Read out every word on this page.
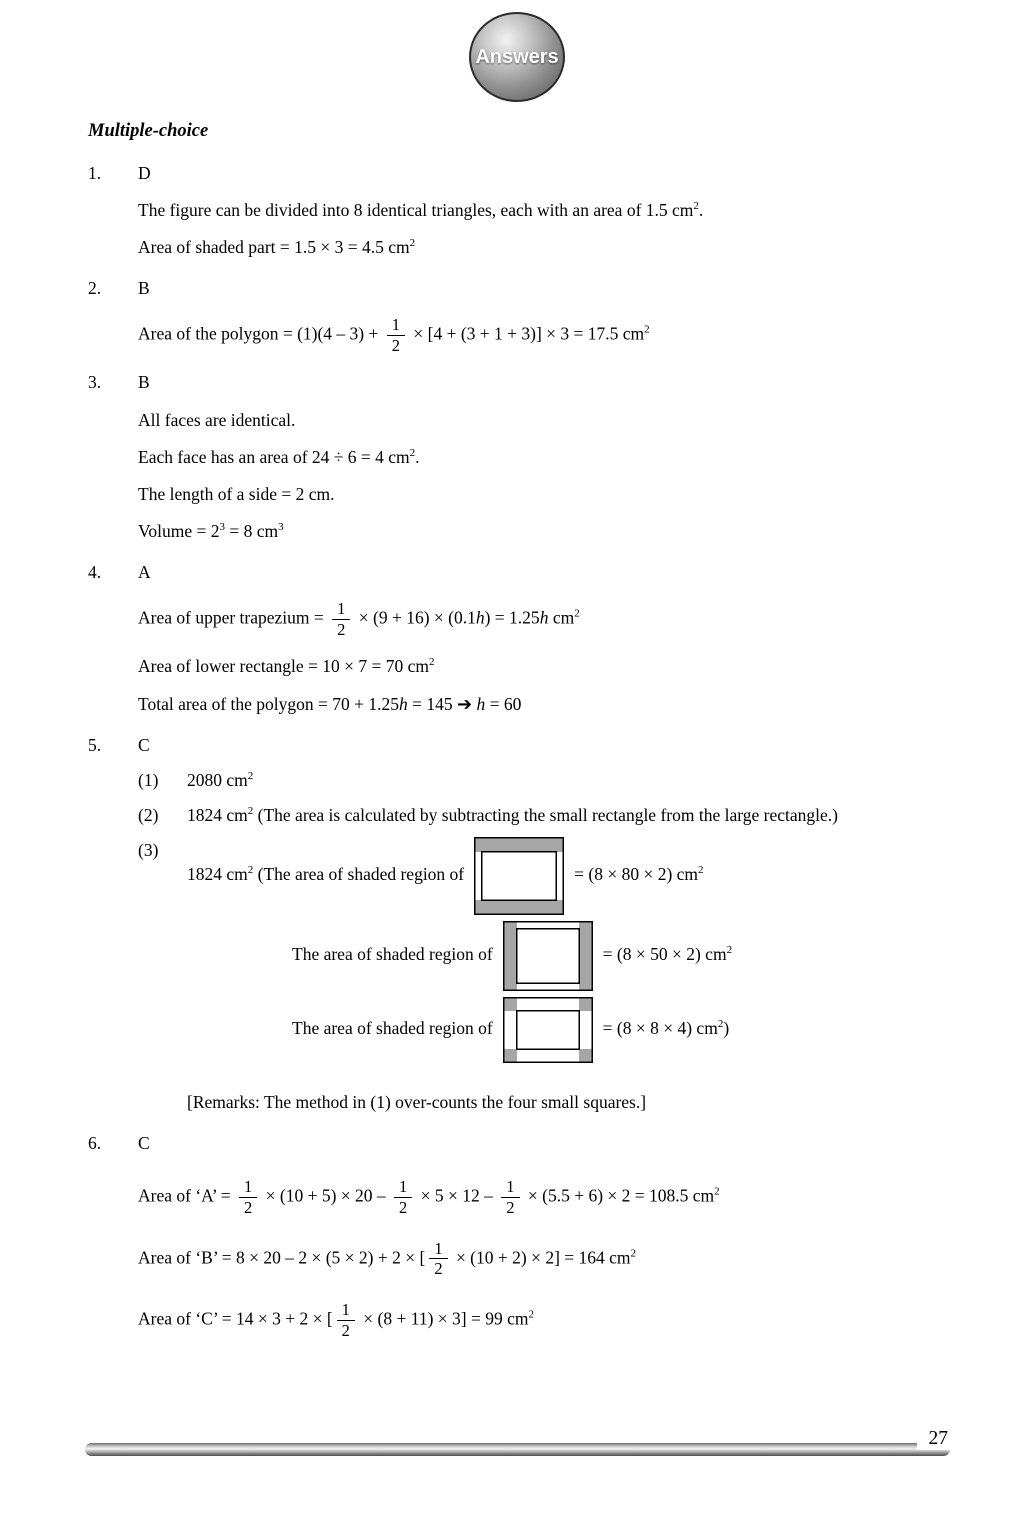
Answers
Multiple-choice
1.	D
The figure can be divided into 8 identical triangles, each with an area of 1.5 $cm^2$.
Area of shaded part = 1.5 × 3 = 4.5 $cm^2$
2.	B
Area of the polygon = $(1)(4 - 3) + \frac{1}{2} \times [4 + (3 + 1 + 3)] \times 3 = 17.5$ $cm^2$
3.	B
All faces are identical.
Each face has an area of 24 ÷ 6 = 4 $cm^2$.
The length of a side = 2 cm.
Volume = $2^3 = 8$ $cm^3$
4.	A
Area of upper trapezium = $\frac{1}{2} \times (9 + 16) \times (0.1h) = 1.25h$ $cm^2$
Area of lower rectangle = 10 × 7 = 70 $cm^2$
Total area of the polygon = 70 + 1.25h = 145 ➔ h = 60
5.	C
(1)	2080 $cm^2$
(2)	1824 $cm^2$ (The area is calculated by subtracting the small rectangle from the large rectangle.)
(3)
1824 $cm^2$ (The area of shaded region of	= (8 × 80 × 2) $cm^2$
The area of shaded region of	= (8 × 50 × 2) $cm^2$
The area of shaded region of	= (8 × 8 × 4) $cm^2$)
[Remarks: The method in (1) over-counts the four small squares.]
6.	C
Area of ‘A’ = $\frac{1}{2} \times (10 + 5) \times 20 - \frac{1}{2} \times 5 \times 12 - \frac{1}{2} \times (5.5 + 6) \times 2 = 108.5$ $cm^2$
Area of ‘B’ = 8 × 20 – 2 × (5 × 2) + 2 × [ $\frac{1}{2} \times (10 + 2) \times 2] = 164$ $cm^2$
Area of ‘C’ = 14 × 3 + 2 × [ $\frac{1}{2} \times (8 + 11) \times 3] = 99$ $cm^2$
27
